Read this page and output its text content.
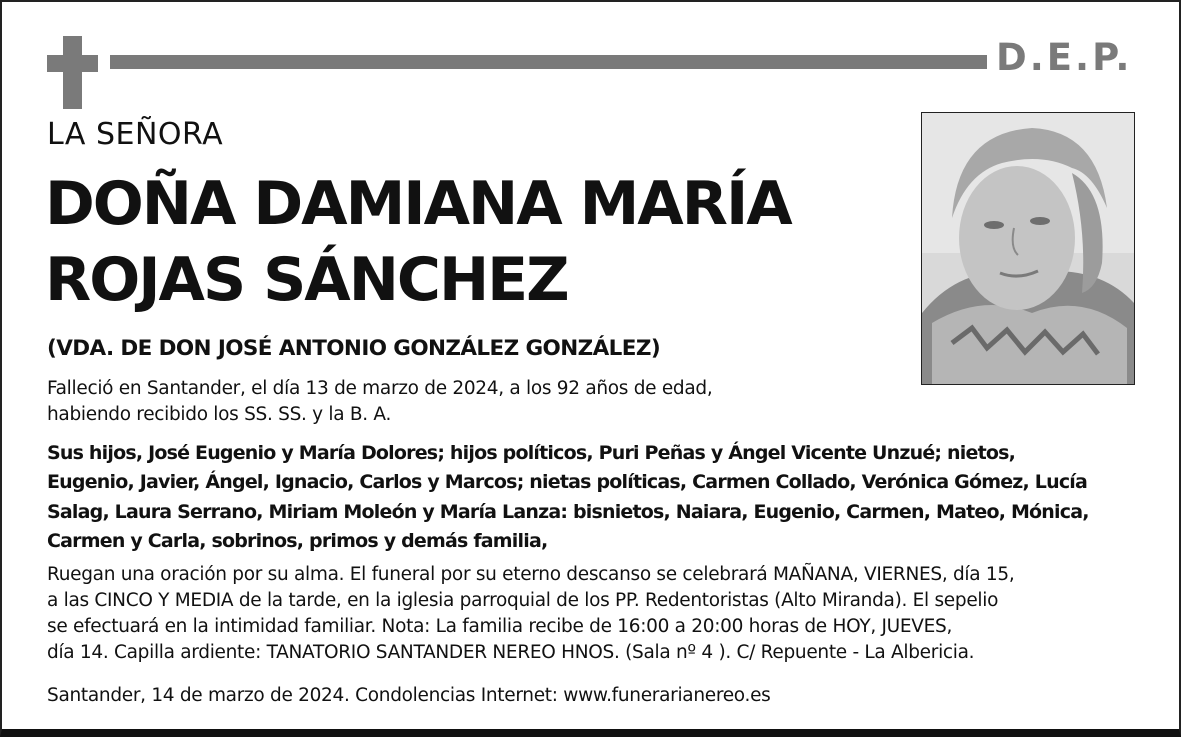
D.E.P.
LA SEÑORA
DOÑA DAMIANA MARÍA
ROJAS SÁNCHEZ
(VDA. DE DON JOSÉ ANTONIO GONZÁLEZ GONZÁLEZ)
Falleció en Santander, el día 13 de marzo de 2024, a los 92 años de edad,
habiendo recibido los SS. SS. y la B. A.
Sus hijos, José Eugenio y María Dolores; hijos políticos, Puri Peñas y Ángel Vicente Unzué; nietos,
Eugenio, Javier, Ángel, Ignacio, Carlos y Marcos; nietas políticas, Carmen Collado, Verónica Gómez, Lucía
Salag, Laura Serrano, Miriam Moleón y María Lanza: bisnietos, Naiara, Eugenio, Carmen, Mateo, Mónica,
Carmen y Carla, sobrinos, primos y demás familia,
Ruegan una oración por su alma. El funeral por su eterno descanso se celebrará MAÑANA, VIERNES, día 15,
a las CINCO Y MEDIA de la tarde, en la iglesia parroquial de los PP. Redentoristas (Alto Miranda). El sepelio
se efectuará en la intimidad familiar. Nota: La familia recibe de 16:00 a 20:00 horas de HOY, JUEVES,
día 14. Capilla ardiente: TANATORIO SANTANDER NEREO HNOS. (Sala nº 4 ). C/ Repuente - La Albericia.
Santander, 14 de marzo de 2024. Condolencias Internet: www.funerarianereo.es
